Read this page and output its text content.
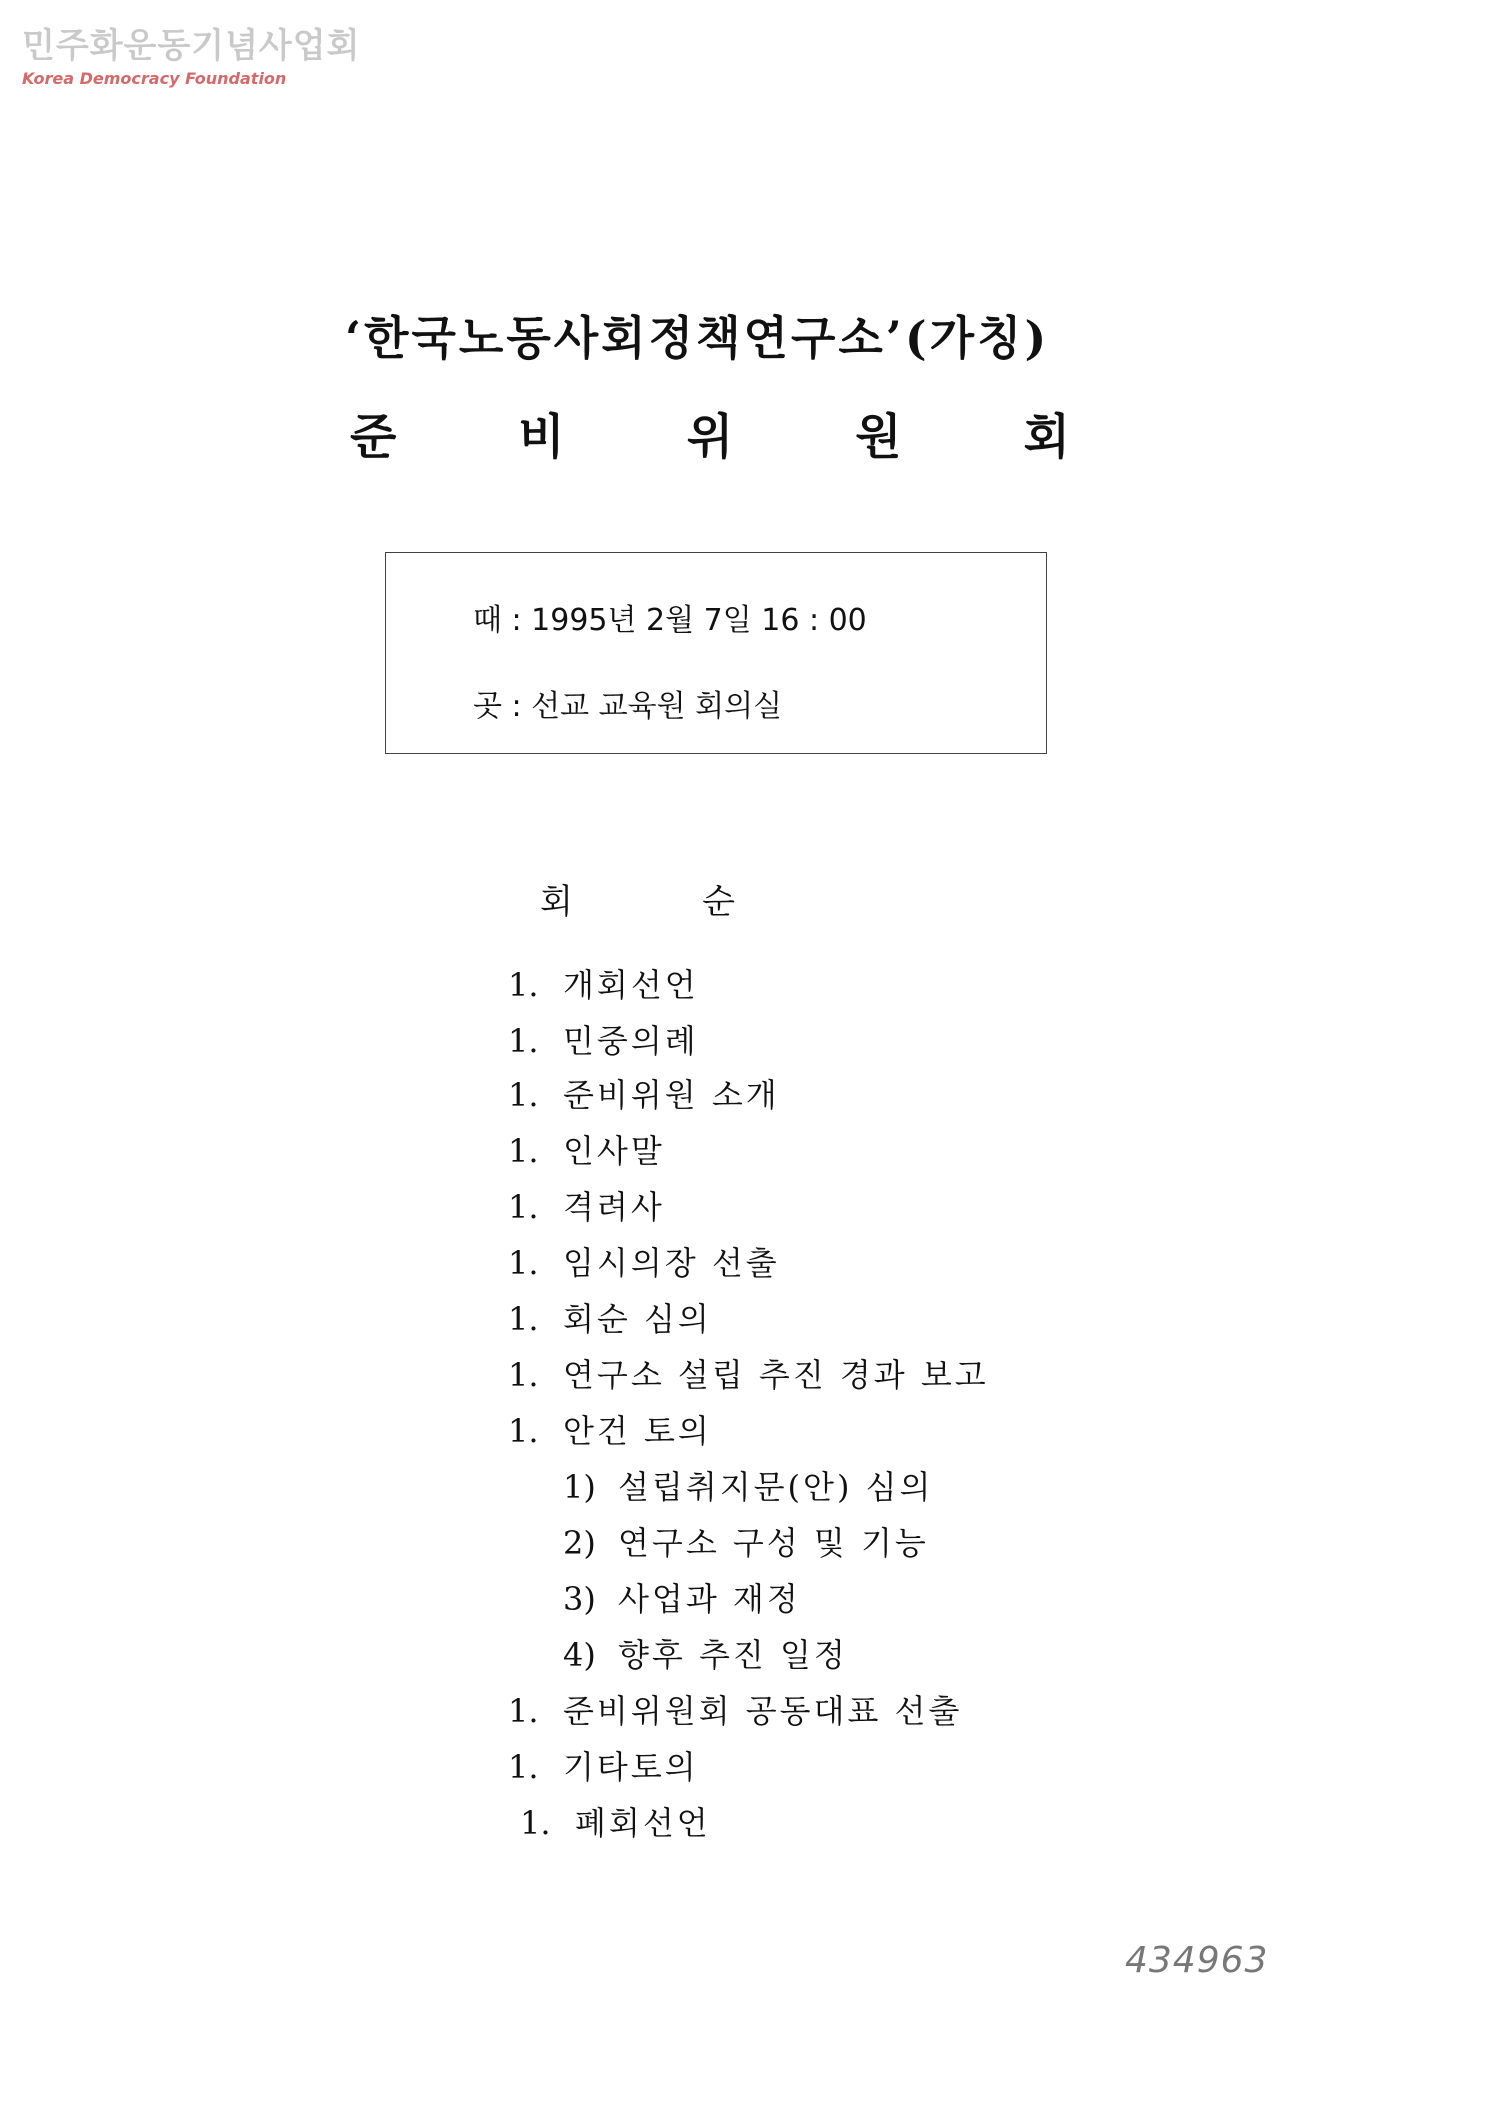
민주화운동기념사업회
Korea Democracy Foundation
‘한국노동사회정책연구소’(가칭)
준	비	위	원	회
때 : 1995년 2월 7일 16 : 00
곳 : 선교 교육원 회의실
회	순
1. 개회선언
1. 민중의례
1. 준비위원 소개
1. 인사말
1. 격려사
1. 임시의장 선출
1. 회순 심의
1. 연구소 설립 추진 경과 보고
1. 안건 토의
1) 설립취지문(안) 심의
2) 연구소 구성 및 기능
3) 사업과 재정
4) 향후 추진 일정
1. 준비위원회 공동대표 선출
1. 기타토의
1. 폐회선언
434963
